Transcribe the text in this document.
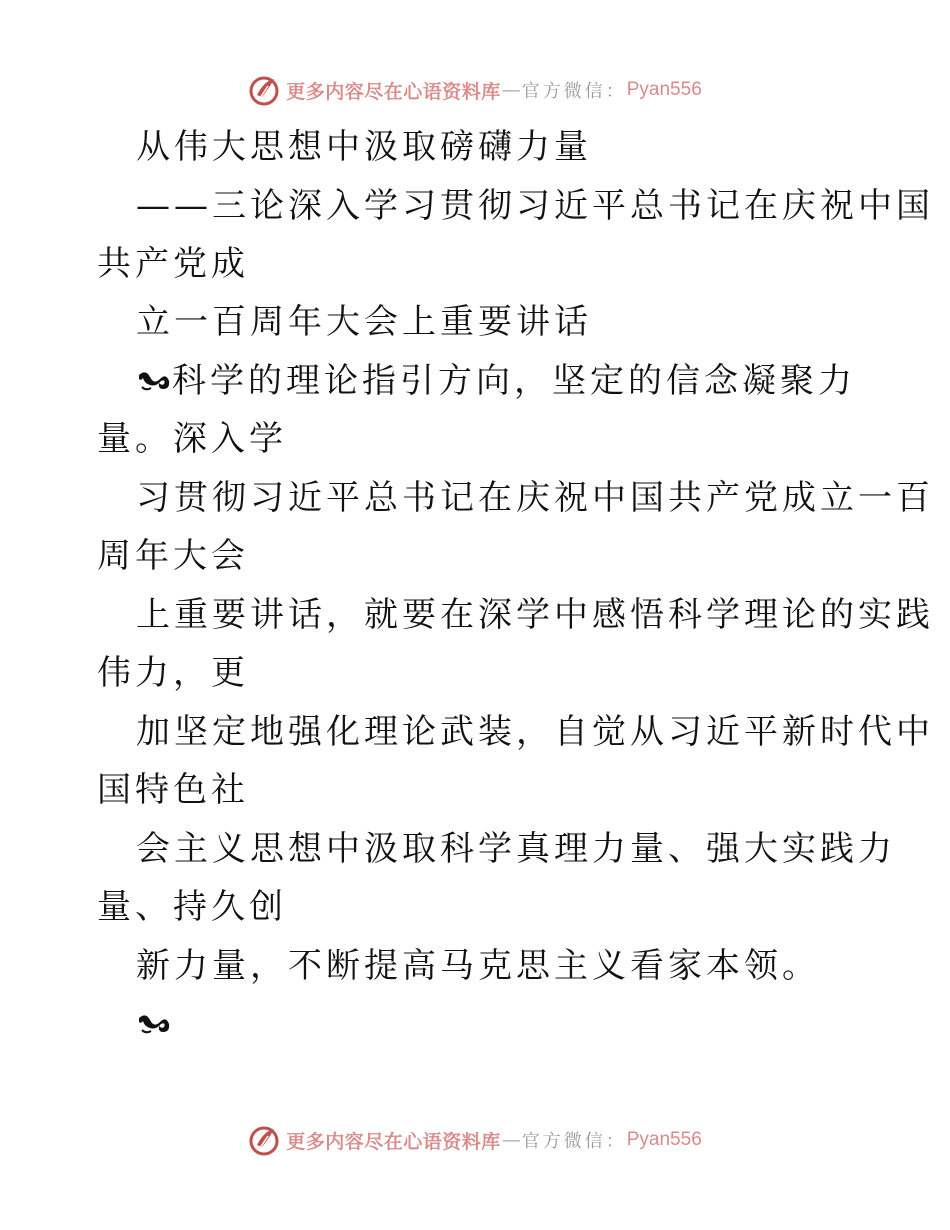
更多内容尽在心语资料库 — 官方微信： Pyan556
从伟大思想中汲取磅礴力量
——三论深入学习贯彻习近平总书记在庆祝中国
共产党成
立一百周年大会上重要讲话
科学的理论指引方向，坚定的信念凝聚力
量。深入学
习贯彻习近平总书记在庆祝中国共产党成立一百
周年大会
上重要讲话，就要在深学中感悟科学理论的实践
伟力，更
加坚定地强化理论武装，自觉从习近平新时代中
国特色社
会主义思想中汲取科学真理力量、强大实践力
量、持久创
新力量，不断提高马克思主义看家本领。
更多内容尽在心语资料库 — 官方微信： Pyan556
